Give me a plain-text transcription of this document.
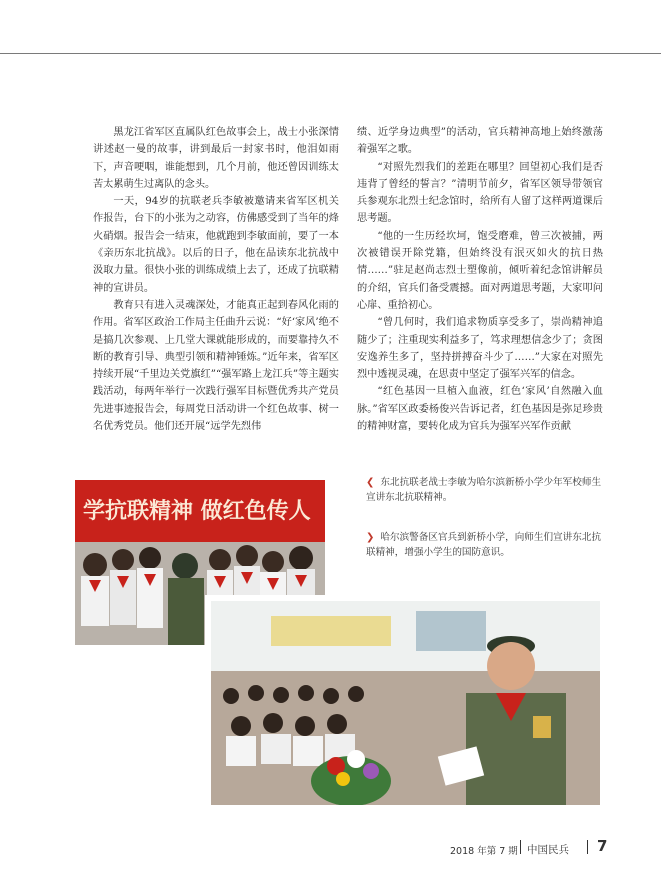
黑龙江省军区直属队红色故事会上，战士小张深情讲述赵一曼的故事，讲到最后一封家书时，他泪如雨下，声音哽咽，谁能想到，几个月前，他还曾因训练太苦太累萌生过离队的念头。

一天，94岁的抗联老兵李敏被邀请来省军区机关作报告，台下的小张为之动容，仿佛感受到了当年的烽火硝烟。报告会一结束，他就跑到李敏面前，要了一本《亲历东北抗战》。以后的日子，他在品读东北抗战中汲取力量。很快小张的训练成绩上去了，还成了抗联精神的宣讲员。

教育只有进入灵魂深处，才能真正起到春风化雨的作用。省军区政治工作局主任曲升云说：“好‘家风’绝不是搞几次参观、上几堂大课就能形成的，而要靠持久不断的教育引导、典型引领和精神锤炼。”近年来，省军区持续开展“千里边关党旗红”“强军路上龙江兵”等主题实践活动，每两年举行一次践行强军目标暨优秀共产党员先进事迹报告会，每周党日活动讲一个红色故事、树一名优秀党员。他们还开展“远学先烈伟

绩、近学身边典型”的活动，官兵精神高地上始终激荡着强军之歌。

“对照先烈我们的差距在哪里？回望初心我们是否违背了曾经的誓言？”清明节前夕，省军区领导带领官兵参观东北烈士纪念馆时，给所有人留了这样两道课后思考题。

“他的一生历经坎坷，饱受磨难，曾三次被捕，两次被错误开除党籍，但始终没有泯灭如火的抗日热情……”驻足赵尚志烈士塑像前，倾听着纪念馆讲解员的介绍，官兵们备受震撼。面对两道思考题，大家叩问心扉、重拾初心。

“曾几何时，我们追求物质享受多了，崇尚精神追随少了；注重现实利益多了，笃求理想信念少了；贪图安逸养生多了，坚持拼搏奋斗少了……”大家在对照先烈中透视灵魂，在思责中坚定了强军兴军的信念。

“红色基因一旦植入血液，红色‘家风’自然融入血脉。”省军区政委杨俊兴告诉记者，红色基因是弥足珍贵的精神财富，要转化成为官兵为强军兴军作贡献

❮ 东北抗联老战士李敏为哈尔滨新桥小学少年军校师生宣讲东北抗联精神。
❯ 哈尔滨警备区官兵到新桥小学，向师生们宣讲东北抗联精神，增强小学生的国防意识。
学抗联精神 做红色传人
2018 年第 7 期 中国民兵 7
